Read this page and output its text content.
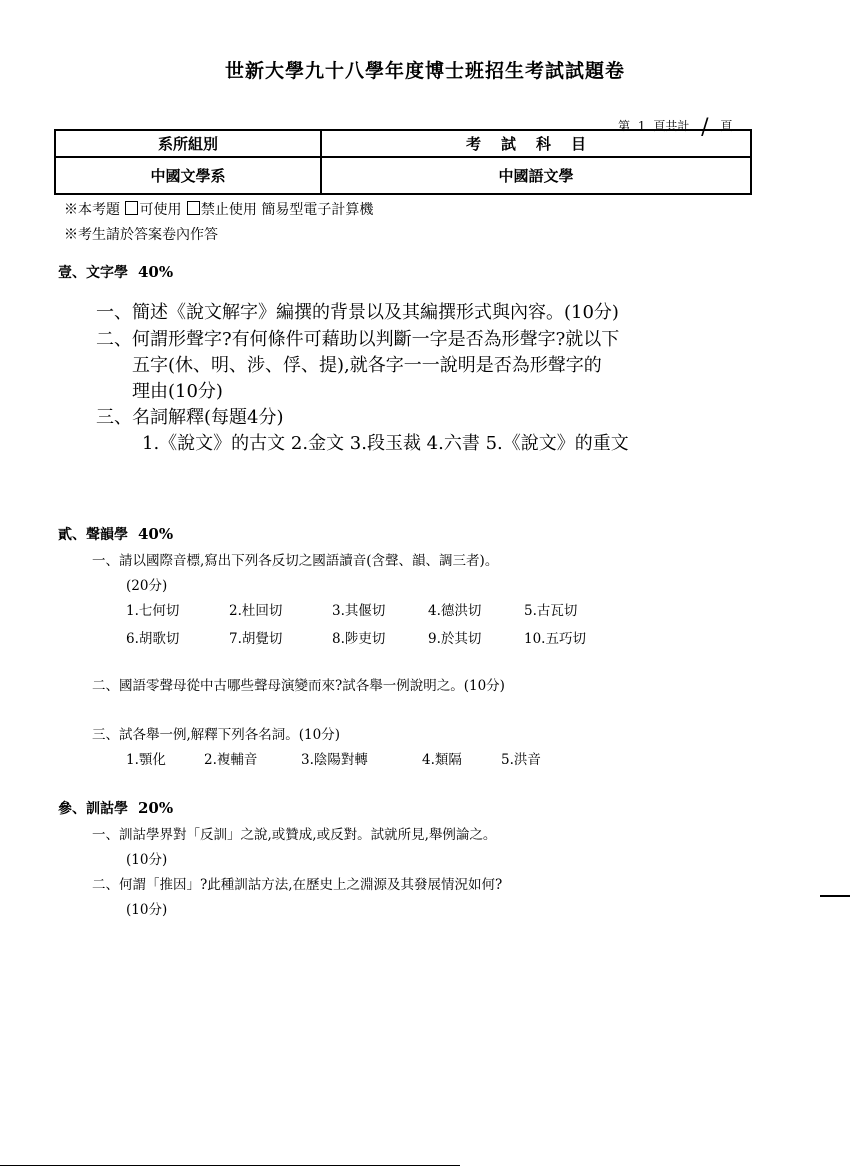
世新大學九十八學年度博士班招生考試試題卷
第 1 頁共計 / 頁
系所組別	考試科目
中國文學系	中國語文學
※本考題 可使用 禁止使用 簡易型電子計算機
※考生請於答案卷內作答
壹、文字學 40%
一、簡述《說文解字》編撰的背景以及其編撰形式與內容。(10分)
二、何謂形聲字?有何條件可藉助以判斷一字是否為形聲字?就以下
五字(休、明、涉、俘、提),就各字一一說明是否為形聲字的
理由(10分)
三、名詞解釋(每題4分)
1.《說文》的古文 2.金文 3.段玉裁 4.六書 5.《說文》的重文
貳、聲韻學 40%
一、請以國際音標,寫出下列各反切之國語讀音(含聲、韻、調三者)。
(20分)
1.七何切	2.杜回切	3.其偃切	4.德洪切	5.古瓦切
6.胡歌切	7.胡覺切	8.陟吏切	9.於其切	10.五巧切
二、國語零聲母從中古哪些聲母演變而來?試各舉一例說明之。(10分)
三、試各舉一例,解釋下列各名詞。(10分)
1.顎化	2.複輔音	3.陰陽對轉	4.類隔	5.洪音
參、訓詁學 20%
一、訓詁學界對「反訓」之說,或贊成,或反對。試就所見,舉例論之。
(10分)
二、何謂「推因」?此種訓詁方法,在歷史上之淵源及其發展情況如何?
(10分)
